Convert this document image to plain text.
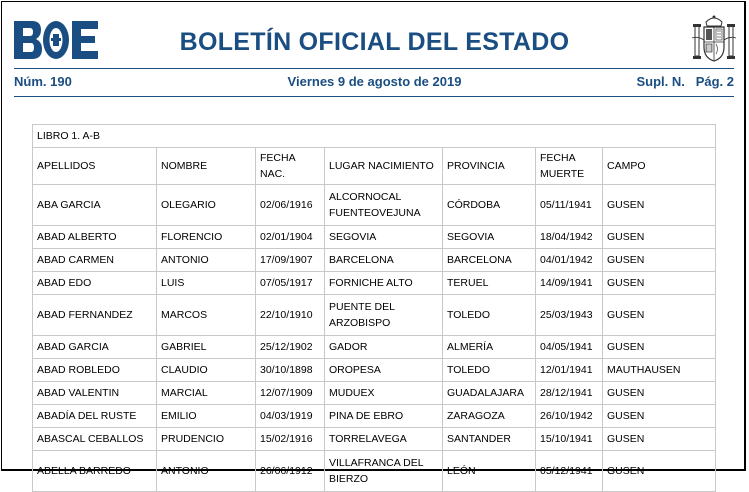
BOLETÍN OFICIAL DEL ESTADO
Núm. 190	Viernes 9 de agosto de 2019	Supl. N.   Pág. 2
LIBRO 1. A-B						
APELLIDOS	NOMBRE	FECHA NAC.	LUGAR NACIMIENTO	PROVINCIA	FECHA MUERTE	CAMPO
ABA GARCIA	OLEGARIO	02/06/1916	ALCORNOCAL FUENTEOVEJUNA	CÓRDOBA	05/11/1941	GUSEN
ABAD ALBERTO	FLORENCIO	02/01/1904	SEGOVIA	SEGOVIA	18/04/1942	GUSEN
ABAD CARMEN	ANTONIO	17/09/1907	BARCELONA	BARCELONA	04/01/1942	GUSEN
ABAD EDO	LUIS	07/05/1917	FORNICHE ALTO	TERUEL	14/09/1941	GUSEN
ABAD FERNANDEZ	MARCOS	22/10/1910	PUENTE DEL ARZOBISPO	TOLEDO	25/03/1943	GUSEN
ABAD GARCIA	GABRIEL	25/12/1902	GADOR	ALMERÍA	04/05/1941	GUSEN
ABAD ROBLEDO	CLAUDIO	30/10/1898	OROPESA	TOLEDO	12/01/1941	MAUTHAUSEN
ABAD VALENTIN	MARCIAL	12/07/1909	MUDUEX	GUADALAJARA	28/12/1941	GUSEN
ABADÍA DEL RUSTE	EMILIO	04/03/1919	PINA DE EBRO	ZARAGOZA	26/10/1942	GUSEN
ABASCAL CEBALLOS	PRUDENCIO	15/02/1916	TORRELAVEGA	SANTANDER	15/10/1941	GUSEN
ABELLA BARREDO	ANTONIO	26/06/1912	VILLAFRANCA DEL BIERZO	LEÓN	05/12/1941	GUSEN
